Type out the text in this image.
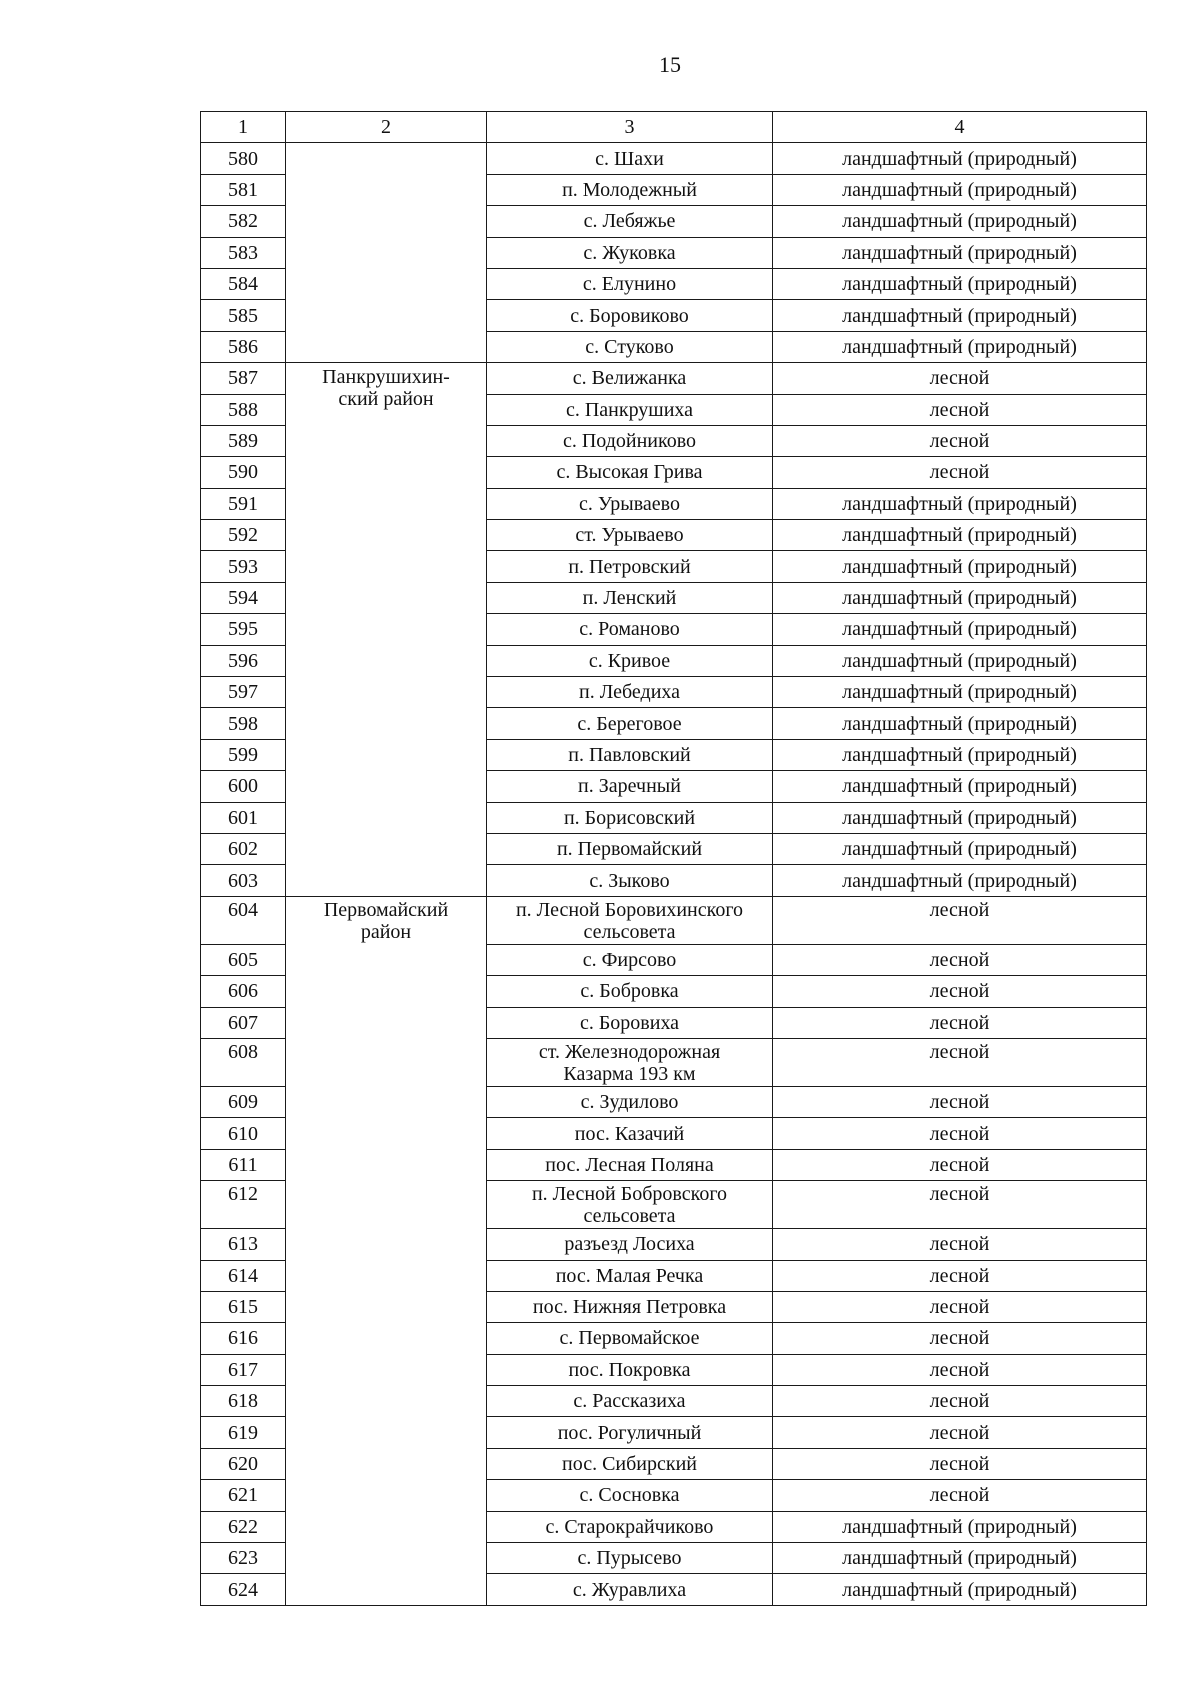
15
1	2	3	4
580		с. Шахи	ландшафтный (природный)
581		п. Молодежный	ландшафтный (природный)
582		с. Лебяжье	ландшафтный (природный)
583		с. Жуковка	ландшафтный (природный)
584		с. Елунино	ландшафтный (природный)
585		с. Боровиково	ландшафтный (природный)
586		с. Стуково	ландшафтный (природный)
587	Панкрушихин-
ский район	с. Велижанка	лесной
588		с. Панкрушиха	лесной
589		с. Подойниково	лесной
590		с. Высокая Грива	лесной
591		с. Урываево	ландшафтный (природный)
592		ст. Урываево	ландшафтный (природный)
593		п. Петровский	ландшафтный (природный)
594		п. Ленский	ландшафтный (природный)
595		с. Романово	ландшафтный (природный)
596		с. Кривое	ландшафтный (природный)
597		п. Лебедиха	ландшафтный (природный)
598		с. Береговое	ландшафтный (природный)
599		п. Павловский	ландшафтный (природный)
600		п. Заречный	ландшафтный (природный)
601		п. Борисовский	ландшафтный (природный)
602		п. Первомайский	ландшафтный (природный)
603		с. Зыково	ландшафтный (природный)
604	Первомайский
район	п. Лесной Боровихинского
сельсовета	лесной
605		с. Фирсово	лесной
606		с. Бобровка	лесной
607		с. Боровиха	лесной
608		ст. Железнодорожная
Казарма 193 км	лесной
609		с. Зудилово	лесной
610		пос. Казачий	лесной
611		пос. Лесная Поляна	лесной
612		п. Лесной Бобровского
сельсовета	лесной
613		разъезд Лосиха	лесной
614		пос. Малая Речка	лесной
615		пос. Нижняя Петровка	лесной
616		с. Первомайское	лесной
617		пос. Покровка	лесной
618		с. Рассказиха	лесной
619		пос. Рогуличный	лесной
620		пос. Сибирский	лесной
621		с. Сосновка	лесной
622		с. Старокрайчиково	ландшафтный (природный)
623		с. Пурысево	ландшафтный (природный)
624		с. Журавлиха	ландшафтный (природный)
